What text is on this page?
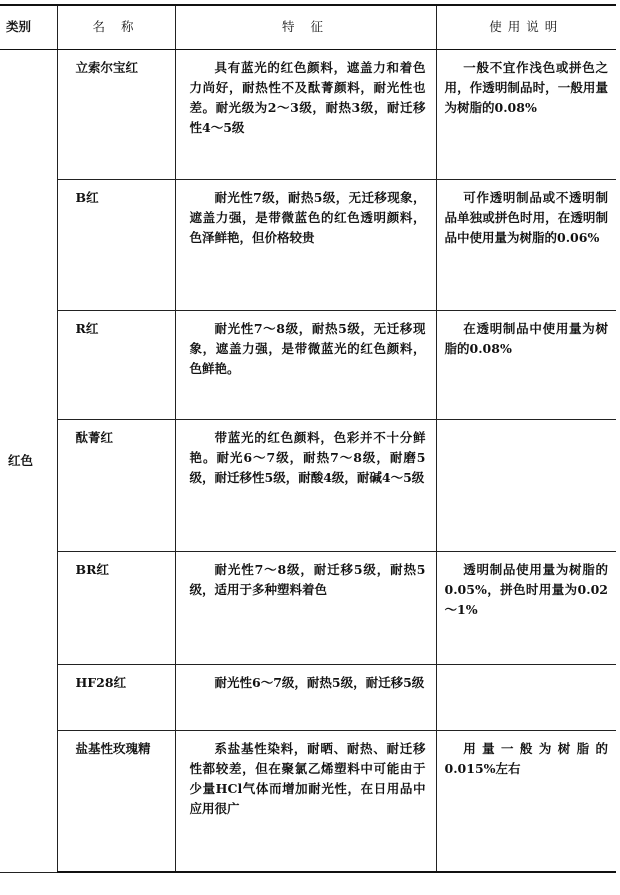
类别	名 称	特 征	使用说明
红色	立索尔宝红	具有蓝光的红色颜料，遮盖力和着色力尚好，耐热性不及酞菁颜料，耐光性也差。耐光级为2～3级，耐热3级，耐迁移性4～5级	一般不宜作浅色或拼色之用，作透明制品时，一般用量为树脂的0.08%
	B红	耐光性7级，耐热5级，无迁移现象，遮盖力强，是带微蓝色的红色透明颜料，色泽鲜艳，但价格较贵	可作透明制品或不透明制品单独或拼色时用，在透明制品中使用量为树脂的0.06%
	R红	耐光性7～8级，耐热5级，无迁移现象，遮盖力强，是带微蓝光的红色颜料，色鲜艳。	在透明制品中使用量为树脂的0.08%
	酞菁红	带蓝光的红色颜料，色彩并不十分鲜艳。耐光6～7级，耐热7～8级，耐磨5级，耐迁移性5级，耐酸4级，耐碱4～5级	
	BR红	耐光性7～8级，耐迁移5级，耐热5级，适用于多种塑料着色	透明制品使用量为树脂的0.05%，拼色时用量为0.02～1%
	HF28红	耐光性6～7级，耐热5级，耐迁移5级	
	盐基性玫瑰精	系盐基性染料，耐晒、耐热、耐迁移性都较差，但在聚氯乙烯塑料中可能由于少量HCl气体而增加耐光性，在日用品中应用很广	用量一般为树脂的0.015%左右
